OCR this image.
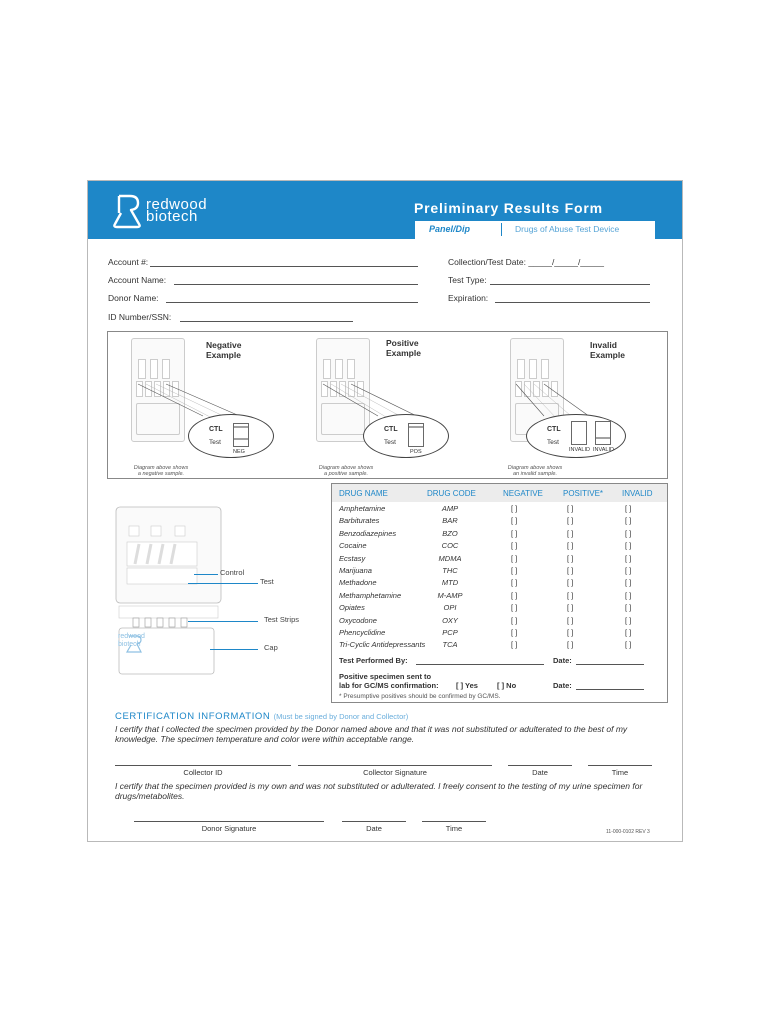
redwood
biotech	Preliminary Results Form
Panel/Dip	Drugs of Abuse Test Device
Account #:
Account Name:
Donor Name:
ID Number/SSN:
Collection/Test Date: _____/_____/_____
Test Type:
Expiration:
Negative
Example
CTL
Test
NEG
Diagram above shows
a negative sample.
Positive
Example
CTL
Test
POS
Diagram above shows
a positive sample.
Invalid
Example
CTL
Test
INVALID INVALID
Diagram above shows
an invalid sample.
redwood
biotech
Control
Test
Test Strips
Cap
DRUG NAME	DRUG CODE	NEGATIVE	POSITIVE* INVALID
Amphetamine	AMP	[ ]	[ ]	[ ]
Barbiturates	BAR	[ ]	[ ]	[ ]
Benzodiazepines	BZO	[ ]	[ ]	[ ]
Cocaine	COC	[ ]	[ ]	[ ]
Ecstasy	MDMA	[ ]	[ ]	[ ]
Marijuana	THC	[ ]	[ ]	[ ]
Methadone	MTD	[ ]	[ ]	[ ]
Methamphetamine	M-AMP	[ ]	[ ]	[ ]
Opiates	OPI	[ ]	[ ]	[ ]
Oxycodone	OXY	[ ]	[ ]	[ ]
Phencyclidine	PCP	[ ]	[ ]	[ ]
Tri-Cyclic Antidepressants	TCA	[ ]	[ ]	[ ]
Test Performed By:	Date:
Positive specimen sent to
lab for GC/MS confirmation: [ ] Yes	[ ] No	Date:
* Presumptive positives should be confirmed by GC/MS.
CERTIFICATION INFORMATION (Must be signed by Donor and Collector)
I certify that I collected the specimen provided by the Donor named above and that it was not substituted or adulterated to the best of my knowledge. The specimen temperature and color were within acceptable range.
Collector ID	Collector Signature	Date	Time
I certify that the specimen provided is my own and was not substituted or adulterated. I freely consent to the testing of my urine specimen for drugs/metabolites.
Donor Signature	Date	Time	11-000-0102 REV 3
